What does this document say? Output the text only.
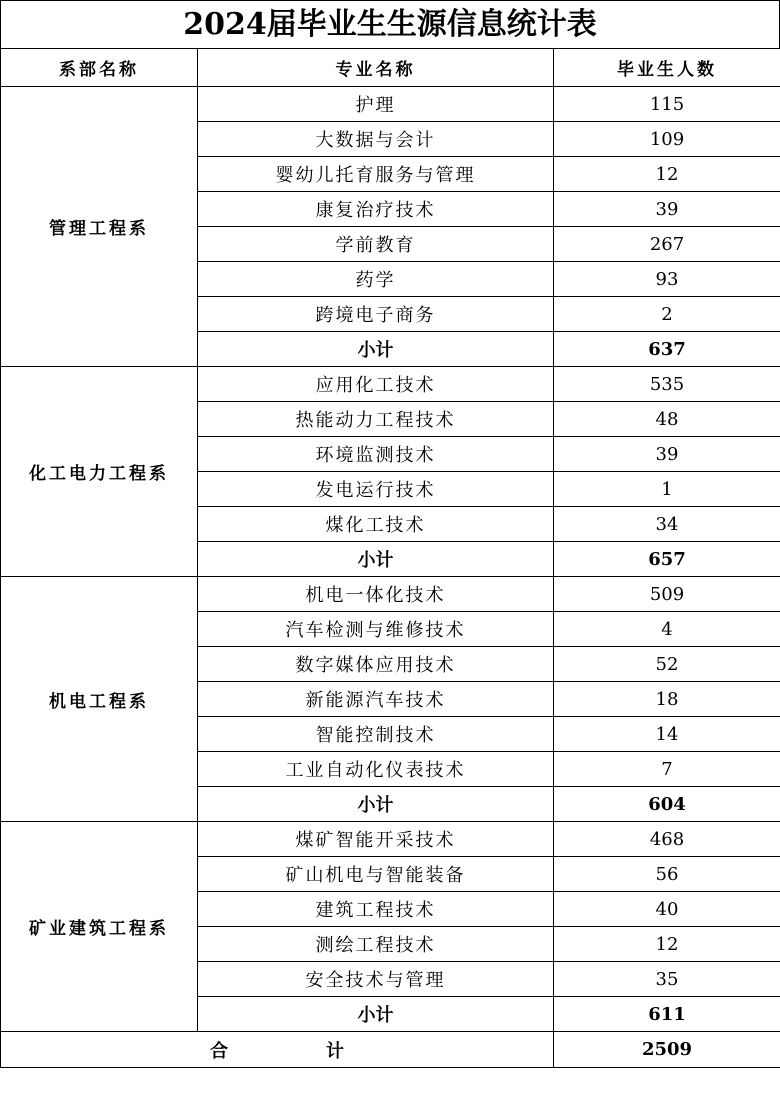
2024届毕业生生源信息统计表
系部名称	专业名称	毕业生人数
管理工程系	护理	115
	大数据与会计	109
	婴幼儿托育服务与管理	12
	康复治疗技术	39
	学前教育	267
	药学	93
	跨境电子商务	2
	小计	637
化工电力工程系	应用化工技术	535
	热能动力工程技术	48
	环境监测技术	39
	发电运行技术	1
	煤化工技术	34
	小计	657
机电工程系	机电一体化技术	509
	汽车检测与维修技术	4
	数字媒体应用技术	52
	新能源汽车技术	18
	智能控制技术	14
	工业自动化仪表技术	7
	小计	604
矿业建筑工程系	煤矿智能开采技术	468
	矿山机电与智能装备	56
	建筑工程技术	40
	测绘工程技术	12
	安全技术与管理	35
	小计	611
合　计		2509
